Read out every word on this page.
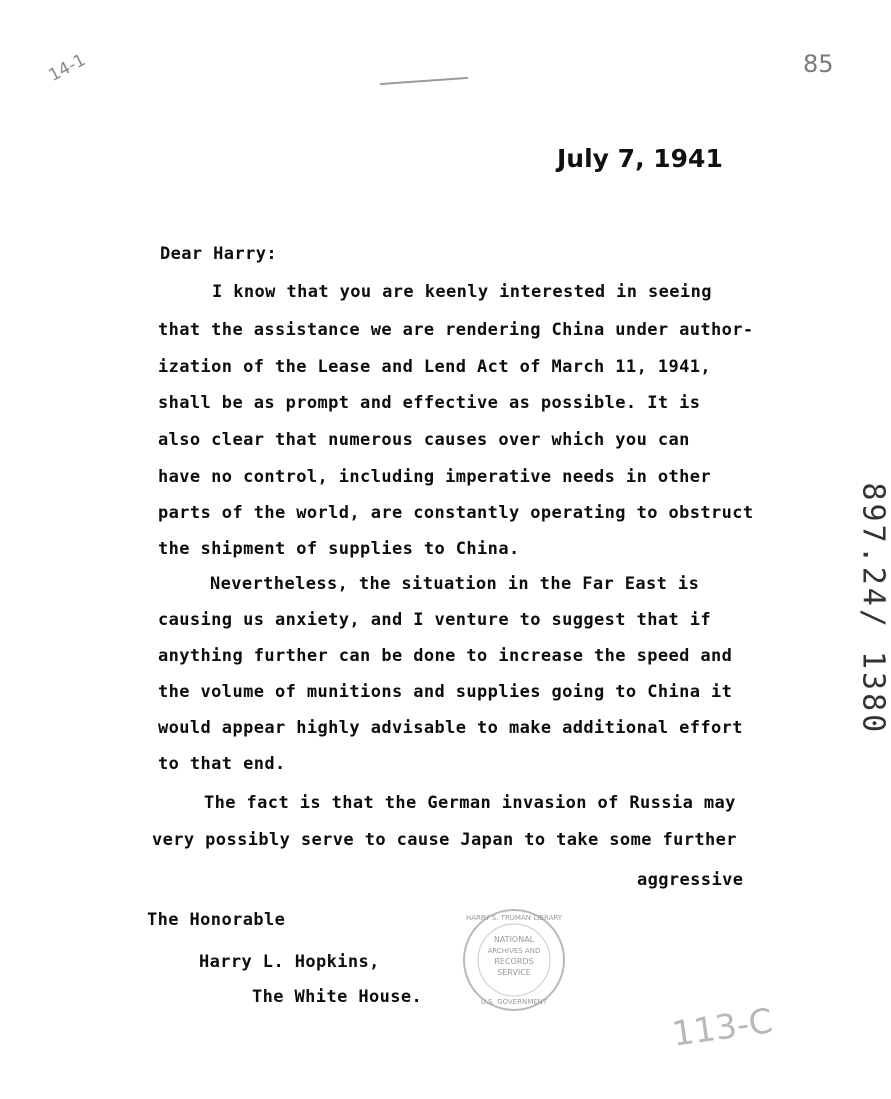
14-1	85
July 7, 1941
897.24/ 1380
Dear Harry:
I know that you are keenly interested in seeing
that the assistance we are rendering China under author-
ization of the Lease and Lend Act of March 11, 1941,
shall be as prompt and effective as possible. It is
also clear that numerous causes over which you can
have no control, including imperative needs in other
parts of the world, are constantly operating to obstruct
the shipment of supplies to China.
Nevertheless, the situation in the Far East is
causing us anxiety, and I venture to suggest that if
anything further can be done to increase the speed and
the volume of munitions and supplies going to China it
would appear highly advisable to make additional effort
to that end.
The fact is that the German invasion of Russia may
very possibly serve to cause Japan to take some further
aggressive
The Honorable
Harry L. Hopkins,
The White House.
HARRY S. TRUMAN LIBRARY
NATIONAL
ARCHIVES AND
RECORDS
SERVICE
U.S. GOVERNMENT	113-C
